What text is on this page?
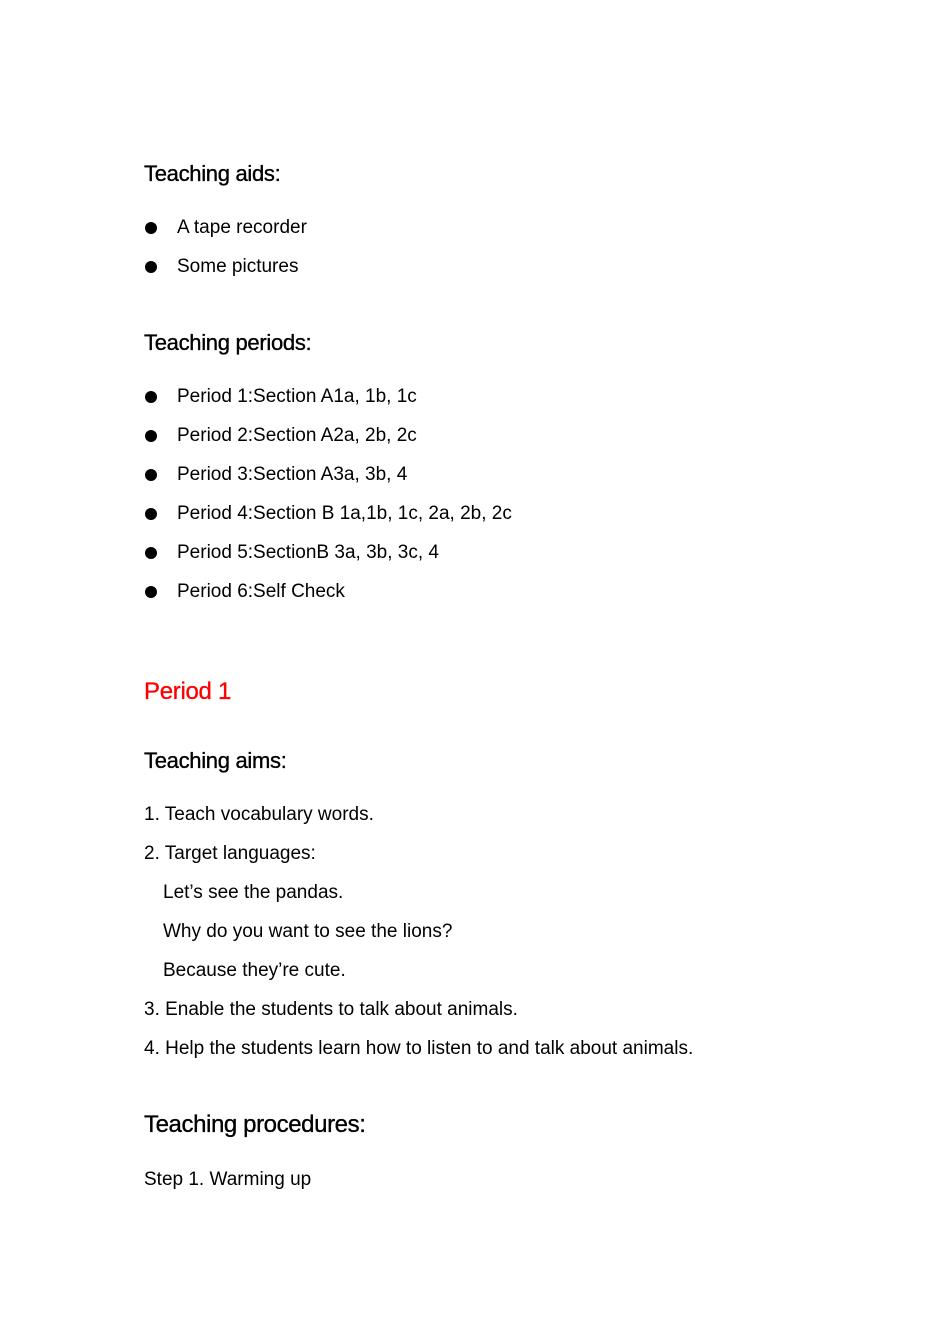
Teaching aids:
A tape recorder
Some pictures
Teaching periods:
Period 1:Section A1a, 1b, 1c
Period 2:Section A2a, 2b, 2c
Period 3:Section A3a, 3b, 4
Period 4:Section B 1a,1b, 1c, 2a, 2b, 2c
Period 5:SectionB 3a, 3b, 3c, 4
Period 6:Self Check
Period 1
Teaching aims:
1. Teach vocabulary words.
2. Target languages:
Let’s see the pandas.
Why do you want to see the lions?
Because they’re cute.
3. Enable the students to talk about animals.
4. Help the students learn how to listen to and talk about animals.
Teaching procedures:
Step 1. Warming up
